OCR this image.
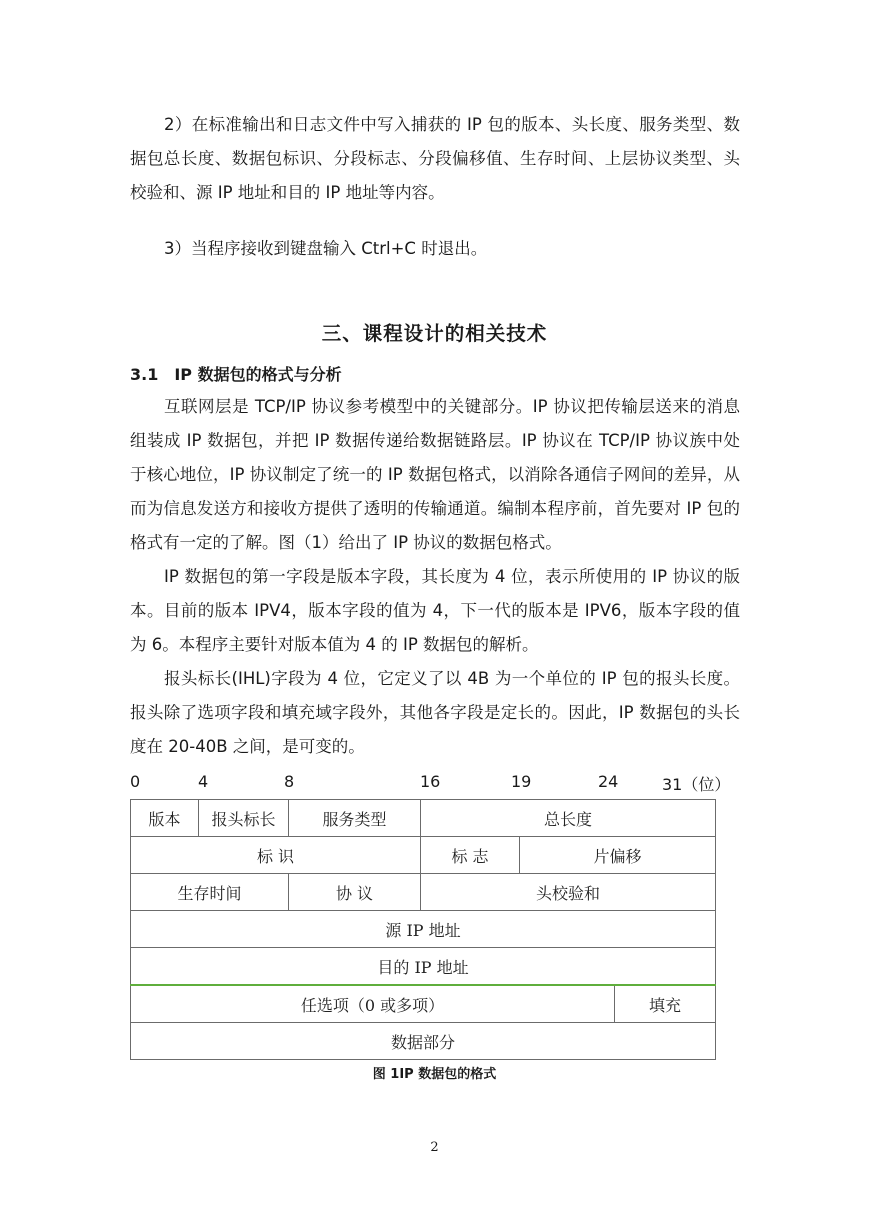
2）在标准输出和日志文件中写入捕获的 IP 包的版本、头长度、服务类型、数据包总长度、数据包标识、分段标志、分段偏移值、生存时间、上层协议类型、头校验和、源 IP 地址和目的 IP 地址等内容。

3）当程序接收到键盘输入 Ctrl+C 时退出。

三、课程设计的相关技术
3.1　IP 数据包的格式与分析

互联网层是 TCP/IP 协议参考模型中的关键部分。IP 协议把传输层送来的消息组装成 IP 数据包，并把 IP 数据传递给数据链路层。IP 协议在 TCP/IP 协议族中处于核心地位，IP 协议制定了统一的 IP 数据包格式，以消除各通信子网间的差异，从而为信息发送方和接收方提供了透明的传输通道。编制本程序前，首先要对 IP 包的格式有一定的了解。图（1）给出了 IP 协议的数据包格式。

IP 数据包的第一字段是版本字段，其长度为 4 位，表示所使用的 IP 协议的版本。目前的版本 IPV4，版本字段的值为 4，下一代的版本是 IPV6，版本字段的值为 6。本程序主要针对版本值为 4 的 IP 数据包的解析。

报头标长(IHL)字段为 4 位，它定义了以 4B 为一个单位的 IP 包的报头长度。报头除了选项字段和填充域字段外，其他各字段是定长的。因此，IP 数据包的头长度在 20-40B 之间，是可变的。

0	4	8	16	19	24	31（位）
版本	报头标长	服务类型	总长度		
标 识			标 志	片偏移	
生存时间		协 议	头校验和		
源 IP 地址					
目的 IP 地址					
任选项（0 或多项）					填充
数据部分					
图 1IP 数据包的格式
2
